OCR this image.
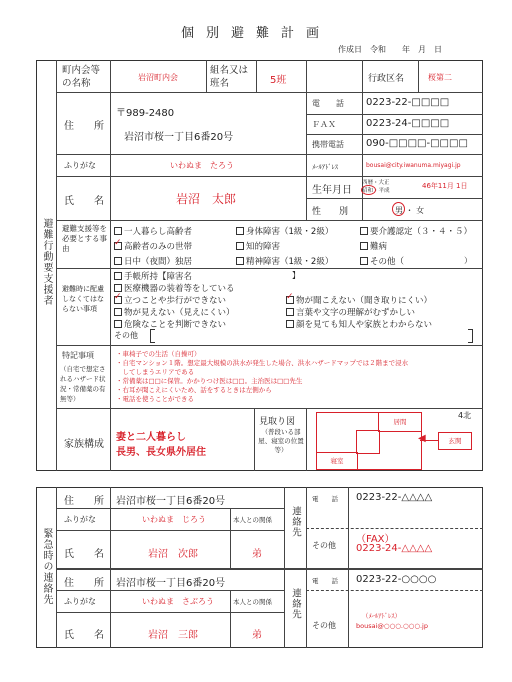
個別避難計画
作成日　令和　　年　月　日
避難行動要支援者
町内会等の名称
岩沼町内会
組名又は班名	5班	行政区名	桜第二
住　　所
〒989-2480
岩沼市桜一丁目6番20号
電　　話 0223-22-□□□□
ＦＡＸ	0223-24-□□□□
携帯電話 090-□□□□-□□□□
ふりがな	いわぬま　たろう	ﾒｰﾙｱﾄﾞﾚｽ	bousai@city.iwanuma.miyagi.jp
氏　　名	岩沼　太郎
生年月日
西暦・大正
昭和・平成
46年11月 1日
性　　別	男 ・ 女
避難支援等を必要とする事由
一人暮らし高齢者	身体障害（1級・2級）	要介護認定（３・４・５）
✓高齢者のみの世帯	知的障害	難病
日中（夜間）独居	精神障害（1級・2級）	その他（	）
避難時に配慮しなくてはならない事項
手帳所持【障害名	】
医療機器の装着等をしている
✓立つことや歩行ができない
✓	物が聞こえない（聞き取りにくい）
物が見えない（見えにくい）	言葉や文字の理解がむずかしい
危険なことを判断できない	顔を見ても知人や家族とわからない
その他
特記事項
（自宅で想定されるハザード状況・常備薬の有無等）
・車椅子での生活（自操可）
・自宅マンション１階。想定最大規模の洪水が発生した場合、洪水ハザードマップでは２階まで浸水
　してしまうエリアである
・常備薬は□□に保管。かかりつけ医は□□。主治医は□□先生
・右耳が聞こえにくいため、話をするときは左側から
・電話を使うことができる
家族構成
妻と二人暮らし
長男、長女県外居住
見取り図
（普段いる部屋、寝室の位置等）
居間
寝室
◀	玄関
4北
緊急時の連絡先
住　　所 岩沼市桜一丁目6番20号
ふりがな	いわぬま　じろう	本人との関係
氏　　名	岩沼　次郎	弟
連絡先
電　　話 0223-22-△△△△
その他
（FAX）
0223-24-△△△△
住　　所 岩沼市桜一丁目6番20号
ふりがな	いわぬま　さぶろう	本人との関係
氏　　名	岩沼　三郎	弟
連絡先
電　　話 0223-22-○○○○
その他
（ﾒｰﾙｱﾄﾞﾚｽ）
bousai@○○○.○○○.jp
